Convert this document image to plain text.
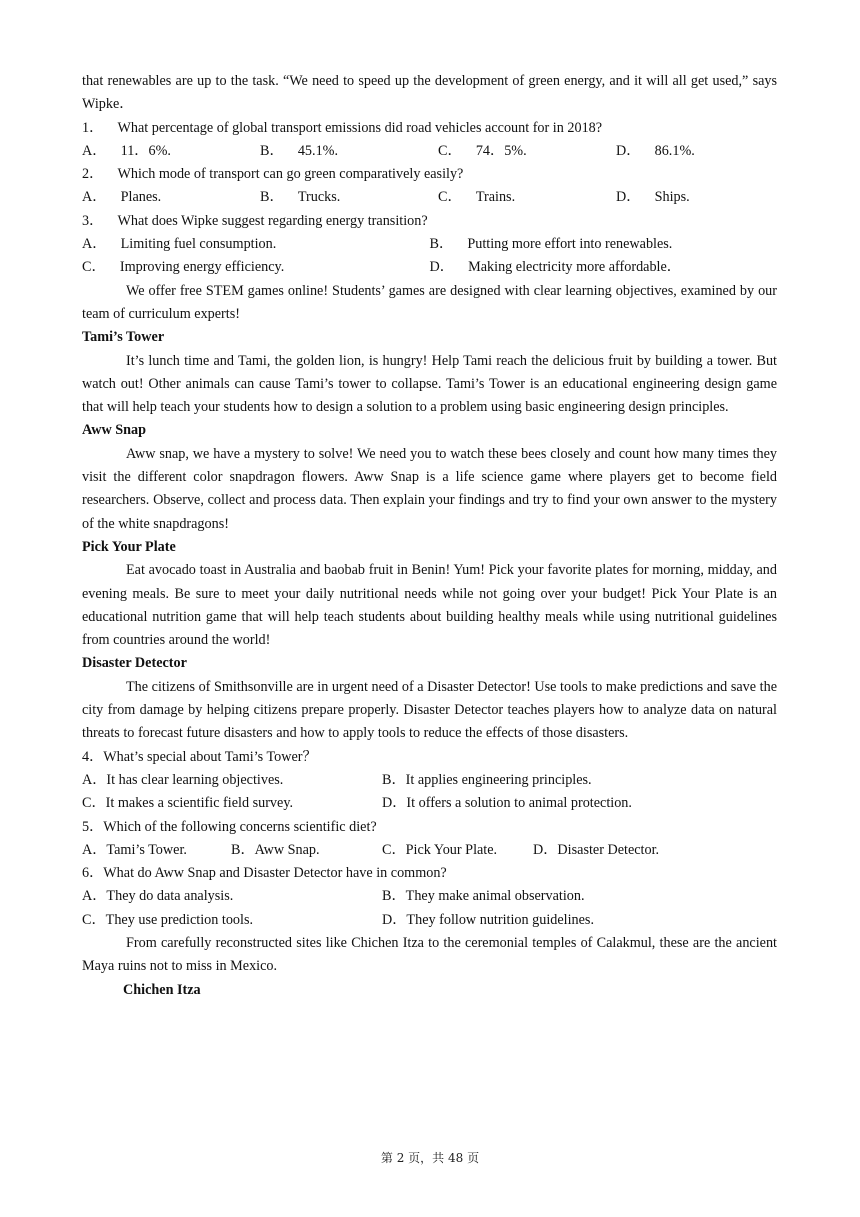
that renewables are up to the task. “We need to speed up the development of green energy, and it will all get used,” says Wipke．

1． What percentage of global transport emissions did road vehicles account for in 2018?

A． 11．6%.	B． 45.1%.	C． 74．5%.	D． 86.1%.

2． Which mode of transport can go green comparatively easily?

A． Planes.	B． Trucks.	C． Trains.	D． Ships.

3． What does Wipke suggest regarding energy transition?

A． Limiting fuel consumption.	B． Putting more effort into renewables.
C． Improving energy efficiency.	D． Making electricity more affordable．

We offer free STEM games online! Students’ games are designed with clear learning objectives, examined by our team of curriculum experts!

Tami’s Tower

It’s lunch time and Tami, the golden lion, is hungry! Help Tami reach the delicious fruit by building a tower. But watch out! Other animals can cause Tami’s tower to collapse. Tami’s Tower is an educational engineering design game that will help teach your students how to design a solution to a problem using basic engineering design principles.

Aww Snap

Aww snap, we have a mystery to solve! We need you to watch these bees closely and count how many times they visit the different color snapdragon flowers. Aww Snap is a life science game where players get to become field researchers. Observe, collect and process data. Then explain your findings and try to find your own answer to the mystery of the white snapdragons!

Pick Your Plate

Eat avocado toast in Australia and baobab fruit in Benin! Yum! Pick your favorite plates for morning, midday, and evening meals. Be sure to meet your daily nutritional needs while not going over your budget! Pick Your Plate is an educational nutrition game that will help teach students about building healthy meals while using nutritional guidelines from countries around the world!

Disaster Detector

The citizens of Smithsonville are in urgent need of a Disaster Detector! Use tools to make predictions and save the city from damage by helping citizens prepare properly. Disaster Detector teaches players how to analyze data on natural threats to forecast future disasters and how to apply tools to reduce the effects of those disasters.

4．What’s special about Tami’s Tower？

A．It has clear learning objectives.	B．It applies engineering principles.
C．It makes a scientific field survey.	D．It offers a solution to animal protection.

5．Which of the following concerns scientific diet?

A．Tami’s Tower.	B．Aww Snap.	C．Pick Your Plate.	D．Disaster Detector.

6．What do Aww Snap and Disaster Detector have in common?

A．They do data analysis.	B．They make animal observation.
C．They use prediction tools.	D．They follow nutrition guidelines.

From carefully reconstructed sites like Chichen Itza to the ceremonial temples of Calakmul, these are the ancient Maya ruins not to miss in Mexico.

Chichen Itza

第 2 页，共 48 页
